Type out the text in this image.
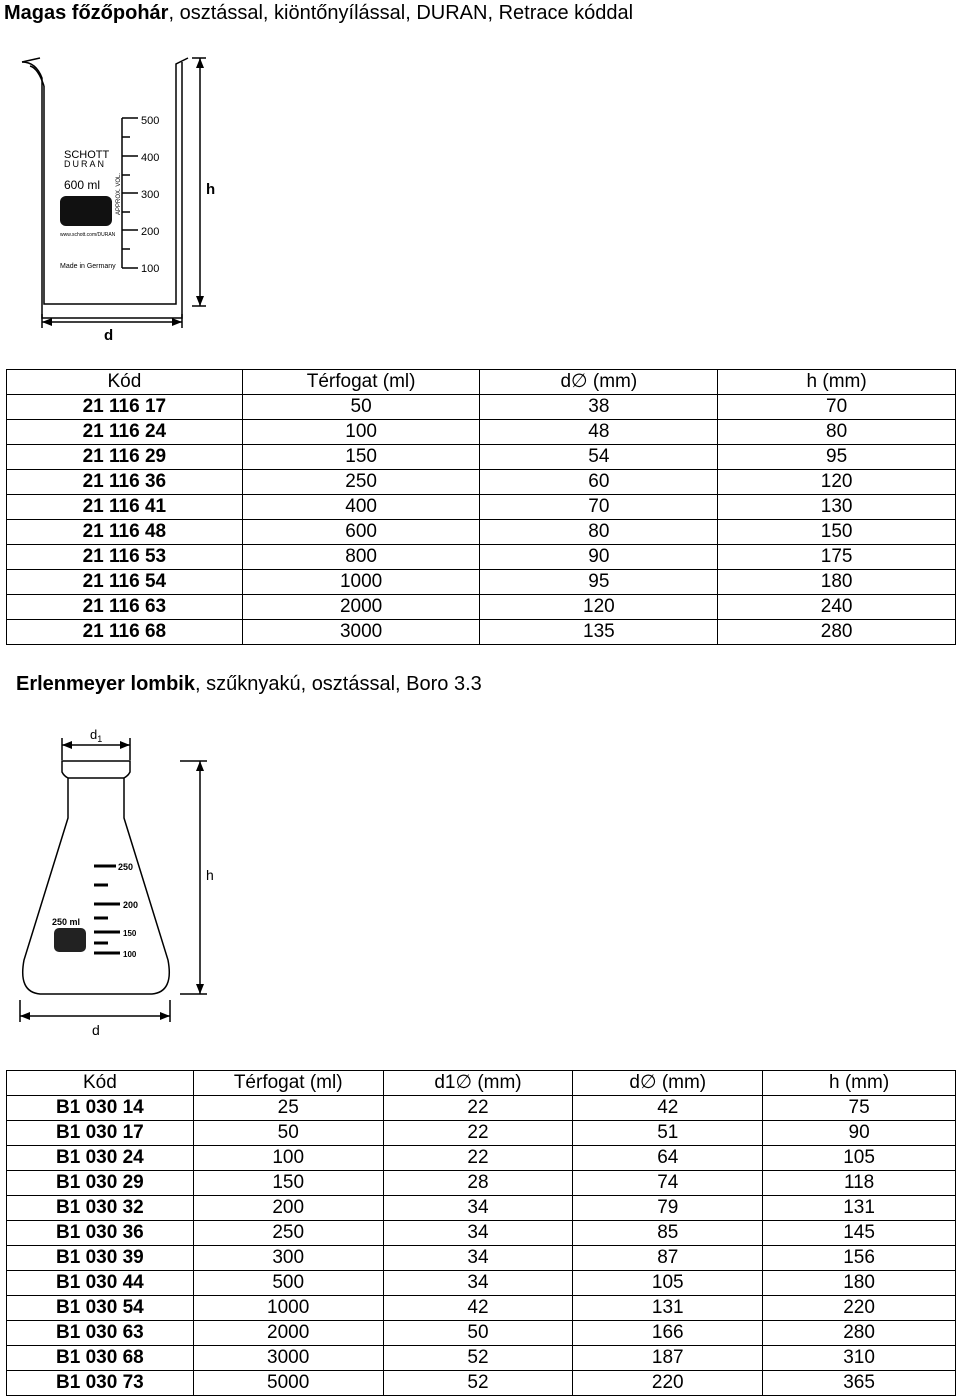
Magas főzőpohár, osztással, kiöntőnyílással, DURAN, Retrace kóddal
SCHOTT
DURAN
600 ml
www.schott.com/DURAN
Made in Germany
APPROX. VOL.
500
400
300
200
100
h
d
Kód	Térfogat (ml)	d∅ (mm)	h (mm)
21 116 17	50	38	70
21 116 24	100	48	80
21 116 29	150	54	95
21 116 36	250	60	120
21 116 41	400	70	130
21 116 48	600	80	150
21 116 53	800	90	175
21 116 54	1000	95	180
21 116 63	2000	120	240
21 116 68	3000	135	280
Erlenmeyer lombik, szűknyakú, osztással, Boro 3.3
$d_1$
h
d
250 ml
250
200
150
100
Kód	Térfogat (ml)	d1∅ (mm)	d∅ (mm)	h (mm)
B1 030 14	25	22	42	75
B1 030 17	50	22	51	90
B1 030 24	100	22	64	105
B1 030 29	150	28	74	118
B1 030 32	200	34	79	131
B1 030 36	250	34	85	145
B1 030 39	300	34	87	156
B1 030 44	500	34	105	180
B1 030 54	1000	42	131	220
B1 030 63	2000	50	166	280
B1 030 68	3000	52	187	310
B1 030 73	5000	52	220	365
